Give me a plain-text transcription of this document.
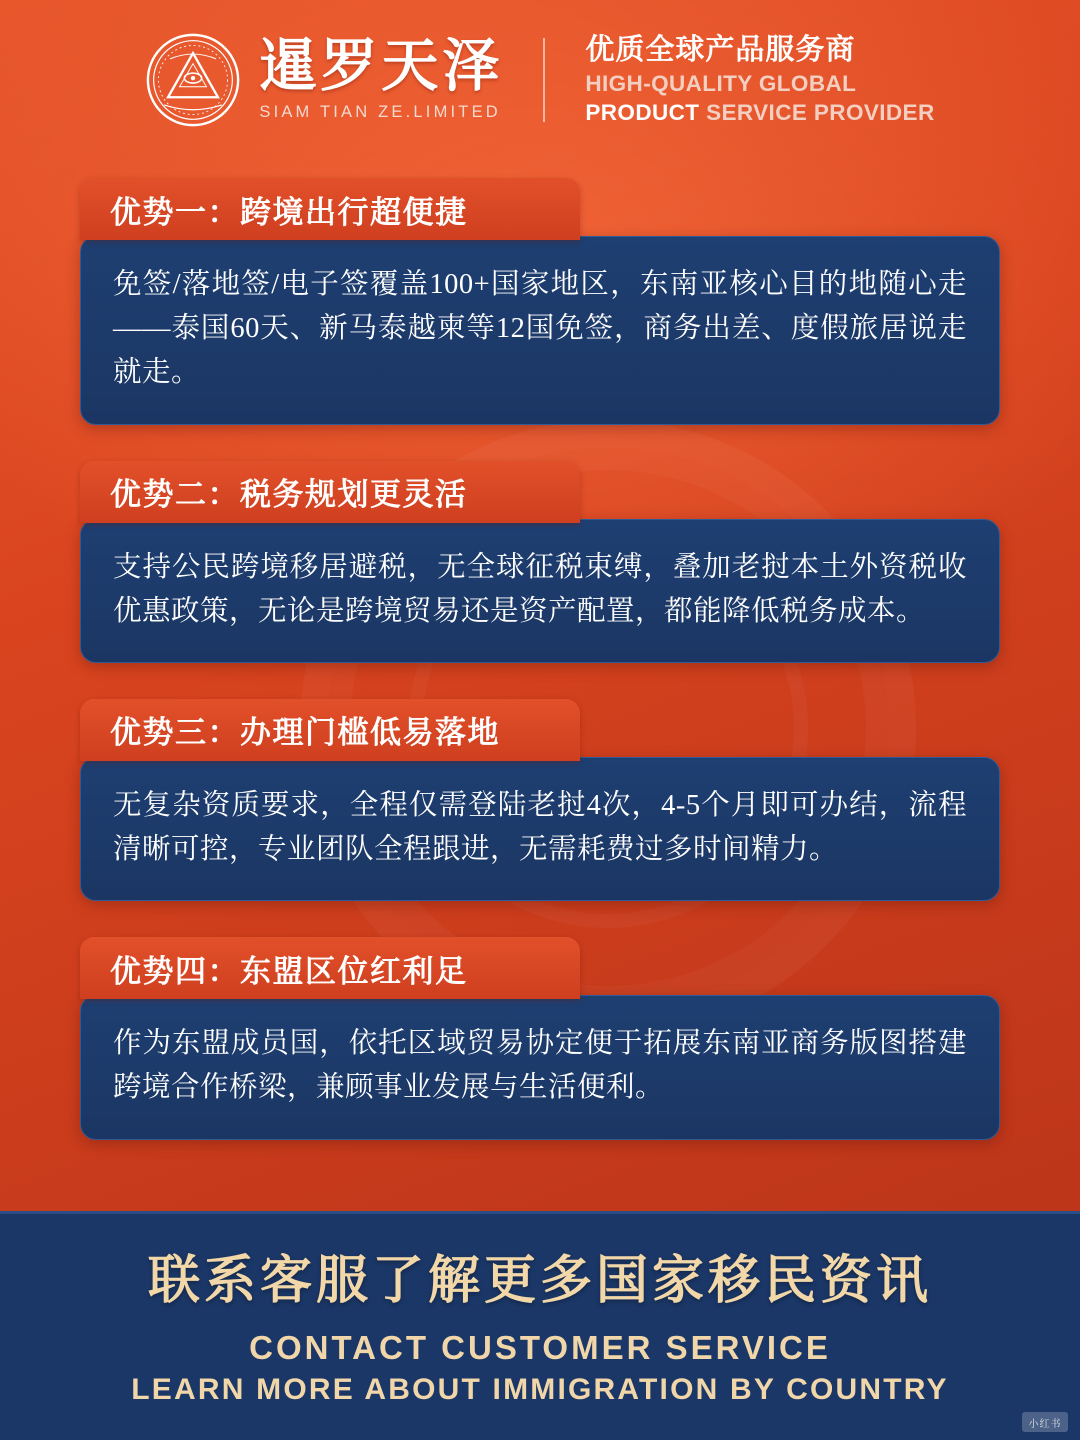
暹罗天泽
SIAM TIAN ZE.LIMITED
优质全球产品服务商
HIGH-QUALITY GLOBAL
PRODUCT SERVICE PROVIDER
优势一：跨境出行超便捷

免签/落地签/电子签覆盖100+国家地区，东南亚核心目的地随心走——泰国60天、新马泰越柬等12国免签，商务出差、度假旅居说走就走。

优势二：税务规划更灵活

支持公民跨境移居避税，无全球征税束缚，叠加老挝本土外资税收优惠政策，无论是跨境贸易还是资产配置，都能降低税务成本。

优势三：办理门槛低易落地

无复杂资质要求，全程仅需登陆老挝4次，4-5个月即可办结，流程清晰可控，专业团队全程跟进，无需耗费过多时间精力。

优势四：东盟区位红利足

作为东盟成员国，依托区域贸易协定便于拓展东南亚商务版图搭建跨境合作桥梁，兼顾事业发展与生活便利。

联系客服了解更多国家移民资讯
CONTACT CUSTOMER SERVICE
LEARN MORE ABOUT IMMIGRATION BY COUNTRY
小红书
